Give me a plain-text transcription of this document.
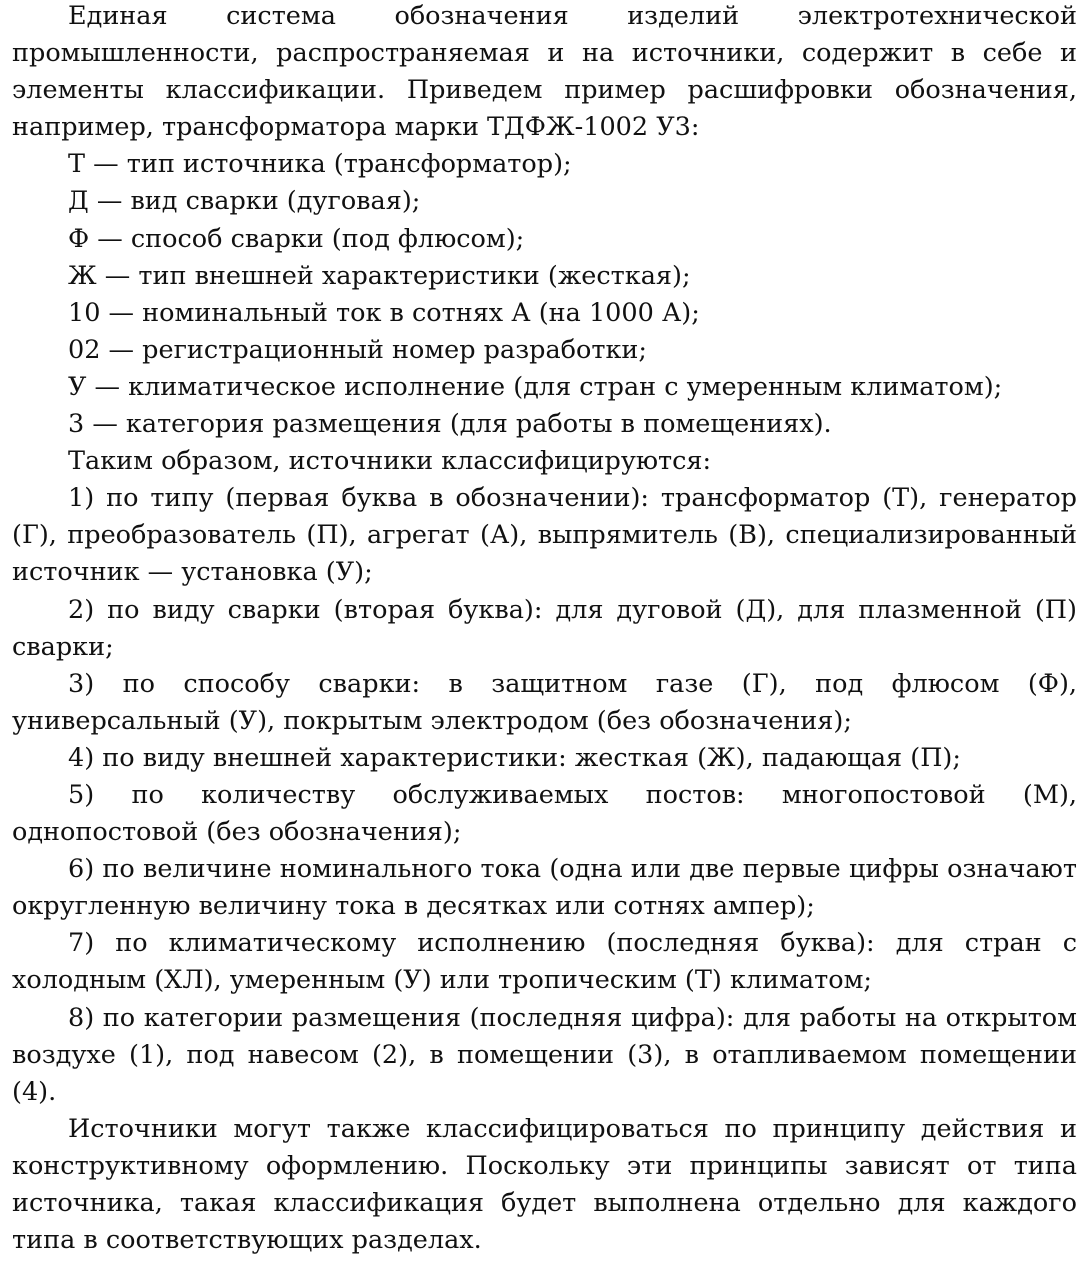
Единая система обозначения изделий электротехнической промышленности, распространяемая и на источники, содержит в себе и элементы классификации. Приведем пример расшифровки обозначения, например, трансформатора марки ТДФЖ-1002 У3:

Т — тип источника (трансформатор);

Д — вид сварки (дуговая);

Ф — способ сварки (под флюсом);

Ж — тип внешней характеристики (жесткая);

10 — номинальный ток в сотнях А (на 1000 А);

02 — регистрационный номер разработки;

У — климатическое исполнение (для стран с умеренным климатом);

3 — категория размещения (для работы в помещениях).

Таким образом, источники классифицируются:

1) по типу (первая буква в обозначении): трансформатор (Т), генератор (Г), преобразователь (П), агрегат (А), выпрямитель (В), специализированный источник — установка (У);

2) по виду сварки (вторая буква): для дуговой (Д), для плазменной (П) сварки;

3) по способу сварки: в защитном газе (Г), под флюсом (Ф), универсальный (У), покрытым электродом (без обозначения);

4) по виду внешней характеристики: жесткая (Ж), падающая (П);

5) по количеству обслуживаемых постов: многопостовой (М), однопостовой (без обозначения);

6) по величине номинального тока (одна или две первые цифры означают округленную величину тока в десятках или сотнях ампер);

7) по климатическому исполнению (последняя буква): для стран с холодным (ХЛ), умеренным (У) или тропическим (Т) климатом;

8) по категории размещения (последняя цифра): для работы на открытом воздухе (1), под навесом (2), в помещении (3), в отапливаемом помещении (4).

Источники могут также классифицироваться по принципу действия и конструктивному оформлению. Поскольку эти принципы зависят от типа источника, такая классификация будет выполнена отдельно для каждого типа в соответствующих разделах.
